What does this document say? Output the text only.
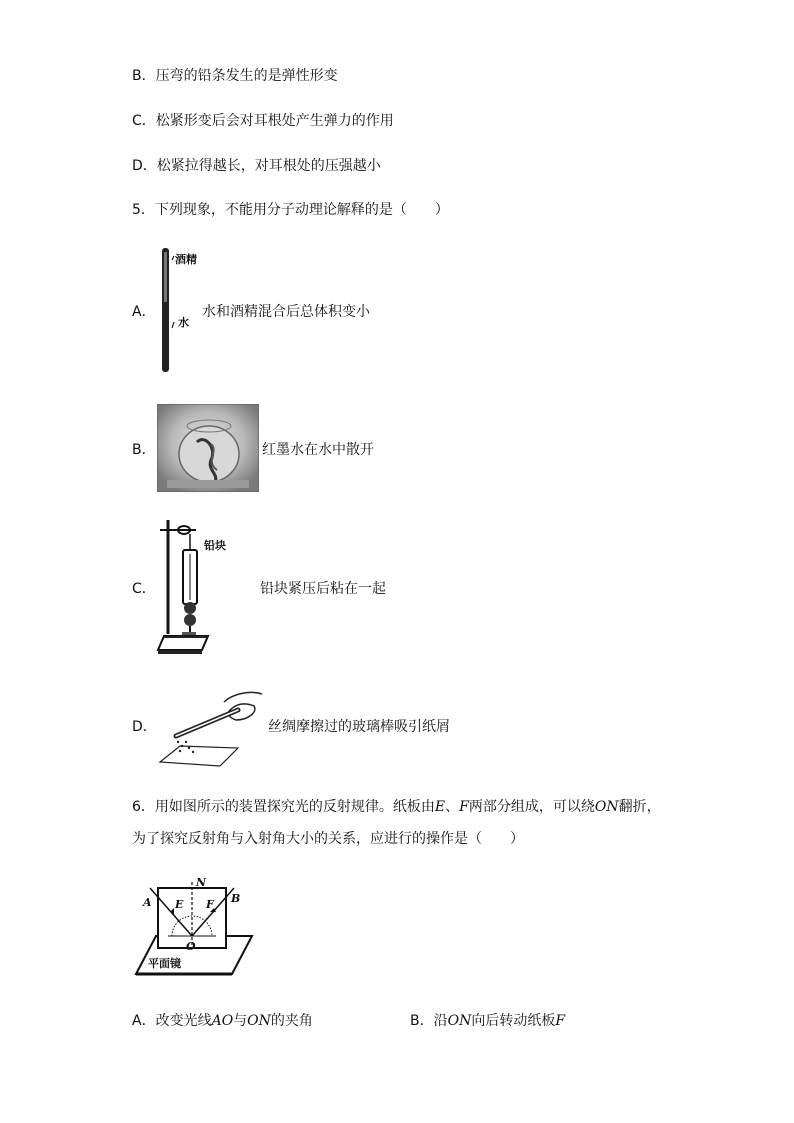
B．压弯的铅条发生的是弹性形变
C．松紧形变后会对耳根处产生弹力的作用
D．松紧拉得越长，对耳根处的压强越小
5．下列现象，不能用分子动理论解释的是（　　）
A．
酒精
水
水和酒精混合后总体积变小
B．	红墨水在水中散开
C．
铅块
铅块紧压后粘在一起
D．	丝绸摩擦过的玻璃棒吸引纸屑
6．用如图所示的装置探究光的反射规律。纸板由E、F两部分组成，可以绕ON翻折，
为了探究反射角与入射角大小的关系，应进行的操作是（　　）
A	B
N
E F
O
平面镜
A．改变光线AO与ON的夹角	B．沿ON向后转动纸板F
